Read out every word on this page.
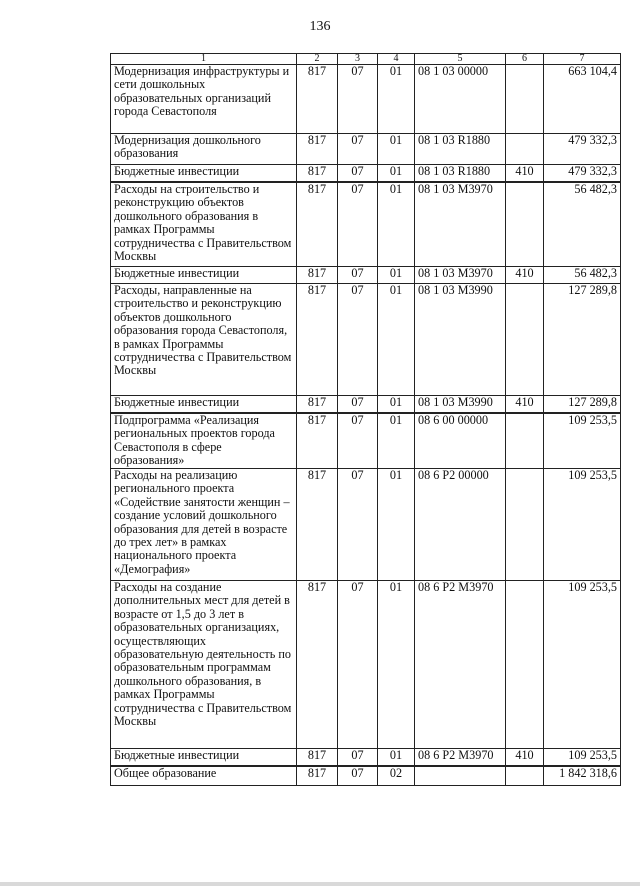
136
1	2	3	4	5	6	7
Модернизация инфраструктуры и сети дошкольных образовательных организаций города Севастополя	817	07	01	08 1 03 00000		663 104,4
Модернизация дошкольного образования	817	07	01	08 1 03 R1880		479 332,3
Бюджетные инвестиции	817	07	01	08 1 03 R1880	410	479 332,3
Расходы на строительство и реконструкцию объектов дошкольного образования в рамках Программы сотрудничества с Правительством Москвы	817	07	01	08 1 03 M3970		56 482,3
Бюджетные инвестиции	817	07	01	08 1 03 M3970	410	56 482,3
Расходы, направленные на строительство и реконструкцию объектов дошкольного образования города Севастополя, в рамках Программы сотрудничества с Правительством Москвы	817	07	01	08 1 03 M3990		127 289,8
Бюджетные инвестиции	817	07	01	08 1 03 M3990	410	127 289,8
Подпрограмма «Реализация региональных проектов города Севастополя в сфере образования»	817	07	01	08 6 00 00000		109 253,5
Расходы на реализацию регионального проекта «Содействие занятости женщин – создание условий дошкольного образования для детей в возрасте до трех лет» в рамках национального проекта «Демография»	817	07	01	08 6 P2 00000		109 253,5
Расходы на создание дополнительных мест для детей в возрасте от 1,5 до 3 лет в образовательных организациях, осуществляющих образовательную деятельность по образовательным программам дошкольного образования, в рамках Программы сотрудничества с Правительством Москвы	817	07	01	08 6 P2 M3970		109 253,5
Бюджетные инвестиции	817	07	01	08 6 P2 M3970	410	109 253,5
Общее образование	817	07	02			1 842 318,6
